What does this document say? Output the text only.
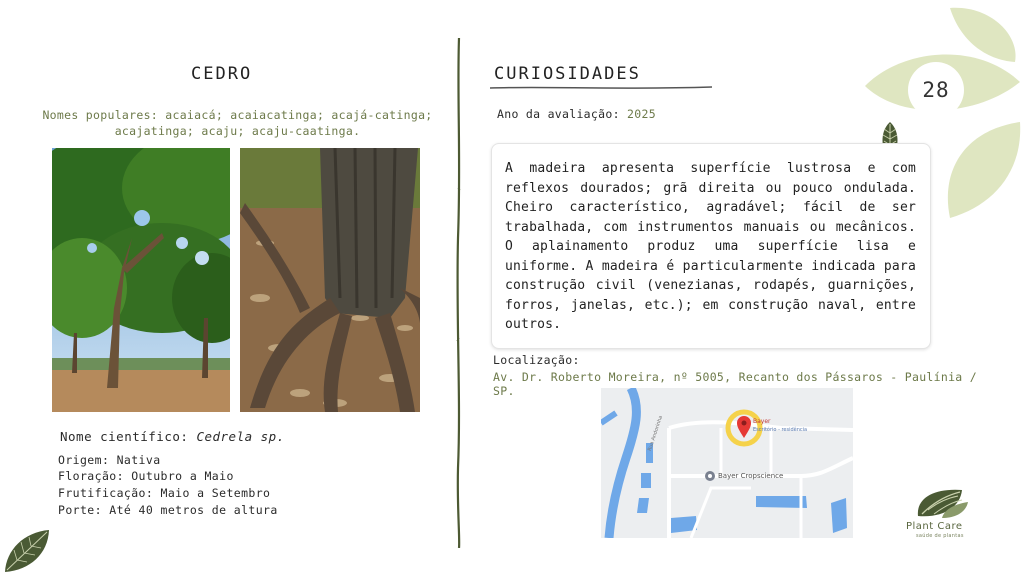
28
CEDRO
Nomes populares: acaiacá; acaiacatinga; acajá-catinga; acajatinga; acaju; acaju-caatinga.
Nome científico: Cedrela sp.
Origem: Nativa
Floração: Outubro a Maio
Frutificação: Maio a Setembro
Porte: Até 40 metros de altura
CURIOSIDADES
Ano da avaliação: 2025
A madeira apresenta superfície lustrosa e com reflexos dourados; grã direita ou pouco ondulada. Cheiro característico, agradável; fácil de ser trabalhada, com instrumentos manuais ou mecânicos. O aplainamento produz uma superfície lisa e uniforme. A madeira é particularmente indicada para construção civil (venezianas, rodapés, guarnições, forros, janelas, etc.); em construção naval, entre outros.
Localização:
Av. Dr. Roberto Moreira, nº 5005, Recanto dos Pássaros - Paulínia / SP.
Bayer
Escritório - residência
Bayer Cropscience
Rua Andorinha
Plant Care
saúde de plantas
